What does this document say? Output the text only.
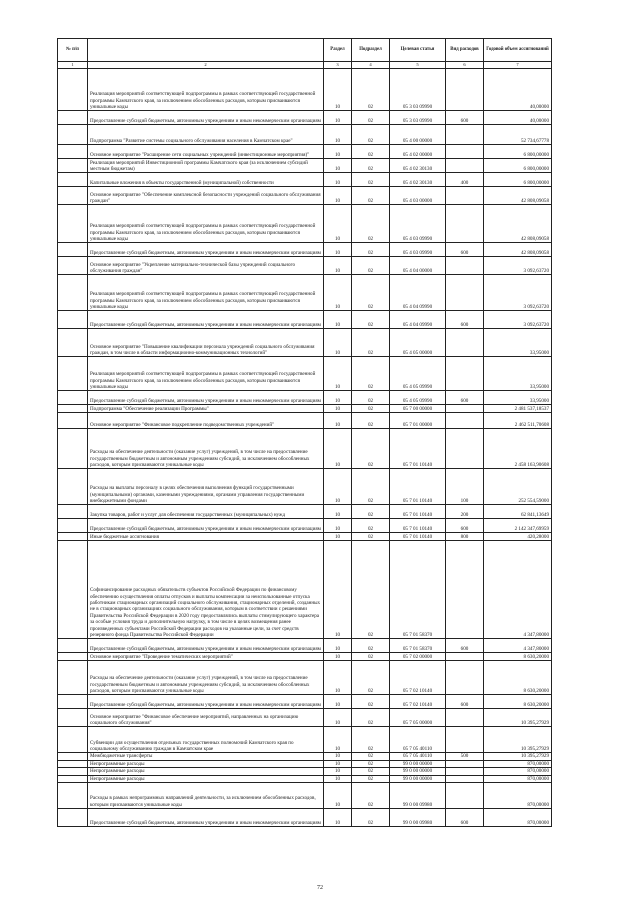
№ п/п		Раздел	Подраздел	Целевая статья	Вид расходов	Годовой объем ассигнований
1	2	3	4	5	6	7
	Реализация мероприятий соответствующей подпрограммы в рамках соответствующей государственной программы Камчатского края, за исключением обособленных расходов, которым присваиваются уникальные коды	10	02	05 3 03 09990		40,00000
	Предоставление субсидий бюджетным, автономным учреждениям и иным некоммерческим организациям	10	02	05 3 03 09990	600	40,00000
	Подпрограмма "Развитие системы социального обслуживания населения в Камчатском крае"	10	02	05 4 00 00000		52 734,67778
	Основное мероприятие "Расширение сети социальных учреждений (инвестиционные мероприятия)"	10	02	05 4 02 00000		6 800,00000
	Реализация мероприятий Инвестиционной программы Камчатского края (за исключением субсидий местным бюджетам)	10	02	05 4 02 30130		6 800,00000
	Капитальные вложения в объекты государственной (муниципальной) собственности	10	02	05 4 02 30130	400	6 800,00000
	Основное мероприятие "Обеспечение комплексной безопасности учреждений социального обслуживания граждан"	10	02	05 4 03 00000		42 808,09058
	Реализация мероприятий соответствующей подпрограммы в рамках соответствующей государственной программы Камчатского края, за исключением обособленных расходов, которым присваиваются уникальные коды	10	02	05 4 03 09990		42 808,09058
	Предоставление субсидий бюджетным, автономным учреждениям и иным некоммерческим организациям	10	02	05 4 03 09990	600	42 808,09058
	Основное мероприятие "Укрепление материально-технической базы учреждений социального обслуживания граждан"	10	02	05 4 04 00000		3 092,63720
	Реализация мероприятий соответствующей подпрограммы в рамках соответствующей государственной программы Камчатского края, за исключением обособленных расходов, которым присваиваются уникальные коды	10	02	05 4 04 09990		3 092,63720
	Предоставление субсидий бюджетным, автономным учреждениям и иным некоммерческим организациям	10	02	05 4 04 09990	600	3 092,63720
	Основное мероприятие "Повышение квалификации персонала учреждений социального обслуживания граждан, в том числе в области информационно-коммуникационных технологий"	10	02	05 4 05 00000		33,95000
	Реализация мероприятий соответствующей подпрограммы в рамках соответствующей государственной программы Камчатского края, за исключением обособленных расходов, которым присваиваются уникальные коды	10	02	05 4 05 09990		33,95000
	Предоставление субсидий бюджетным, автономным учреждениям и иным некоммерческим организациям	10	02	05 4 05 09990	600	33,95000
	Подпрограмма "Обеспечение реализации Программы"	10	02	05 7 00 00000		2 481 537,18537
	Основное мероприятие "Финансовое подкрепление подведомственных учреждений"	10	02	05 7 01 00000		2 462 511,70608
	Расходы на обеспечение деятельности (оказание услуг) учреждений, в том числе на предоставление государственным бюджетным и автономным учреждениям субсидий, за исключением обособленных расходов, которым присваиваются уникальные коды	10	02	05 7 01 10140		2 458 163,90608
	Расходы на выплаты персоналу в целях обеспечения выполнения функций государственными (муниципальными) органами, казенными учреждениями, органами управления государственными внебюджетными фондами	10	02	05 7 01 10140	100	252 554,59000
	Закупка товаров, работ и услуг для обеспечения государственных (муниципальных) нужд	10	02	05 7 01 10140	200	62 841,13649
	Предоставление субсидий бюджетным, автономным учреждениям и иным некоммерческим организациям	10	02	05 7 01 10140	600	2 142 347,69959
	Иные бюджетные ассигнования	10	02	05 7 01 10140	800	420,28000
	Софинансирование расходных обязательств субъектов Российской Федерации по финансовому обеспечению осуществления оплаты отпусков и выплаты компенсации за неиспользованные отпуска работникам стационарных организаций социального обслуживания, стационарных отделений, созданных не в стационарных организациях социального обслуживания, которым в соответствии с решениями Правительства Российской Федерации в 2020 году предоставлялись выплаты стимулирующего характера за особые условия труда и дополнительную нагрузку, в том числе в целях возмещения ранее произведенных субъектами Российской Федерации расходов на указанные цели, за счет средств резервного фонда Правительства Российской Федерации	10	02	05 7 01 58370		4 347,80000
	Предоставление субсидий бюджетным, автономным учреждениям и иным некоммерческим организациям	10	02	05 7 01 58370	600	4 347,80000
	Основное мероприятие "Проведение тематических мероприятий"	10	02	05 7 02 00000		8 630,20000
	Расходы на обеспечение деятельности (оказание услуг) учреждений, в том числе на предоставление государственным бюджетным и автономным учреждениям субсидий, за исключением обособленных расходов, которым присваиваются уникальные коды	10	02	05 7 02 10140		8 630,20000
	Предоставление субсидий бюджетным, автономным учреждениям и иным некоммерческим организациям	10	02	05 7 02 10140	600	8 630,20000
	Основное мероприятие "Финансовое обеспечение мероприятий, направленных на организацию социального обслуживания"	10	02	05 7 05 00000		10 395,27929
	Субвенции для осуществления отдельных государственных полномочий Камчатского края по социальному обслуживанию граждан в Камчатском крае	10	02	05 7 05 40110		10 395,27929
	Межбюджетные трансферты	10	02	05 7 05 40110	500	10 395,27929
	Непрограммные расходы	10	02	99 0 00 00000		870,00000
	Непрограммные расходы	10	02	99 0 00 00000		870,00000
	Непрограммные расходы	10	02	99 0 00 00000		870,00000
	Расходы в рамках непрограммных направлений деятельности, за исключением обособленных расходов, которым присваиваются уникальные коды	10	02	99 0 00 09980		870,00000
	Предоставление субсидий бюджетным, автономным учреждениям и иным некоммерческим организациям	10	02	99 0 00 09980	600	870,00000
72
